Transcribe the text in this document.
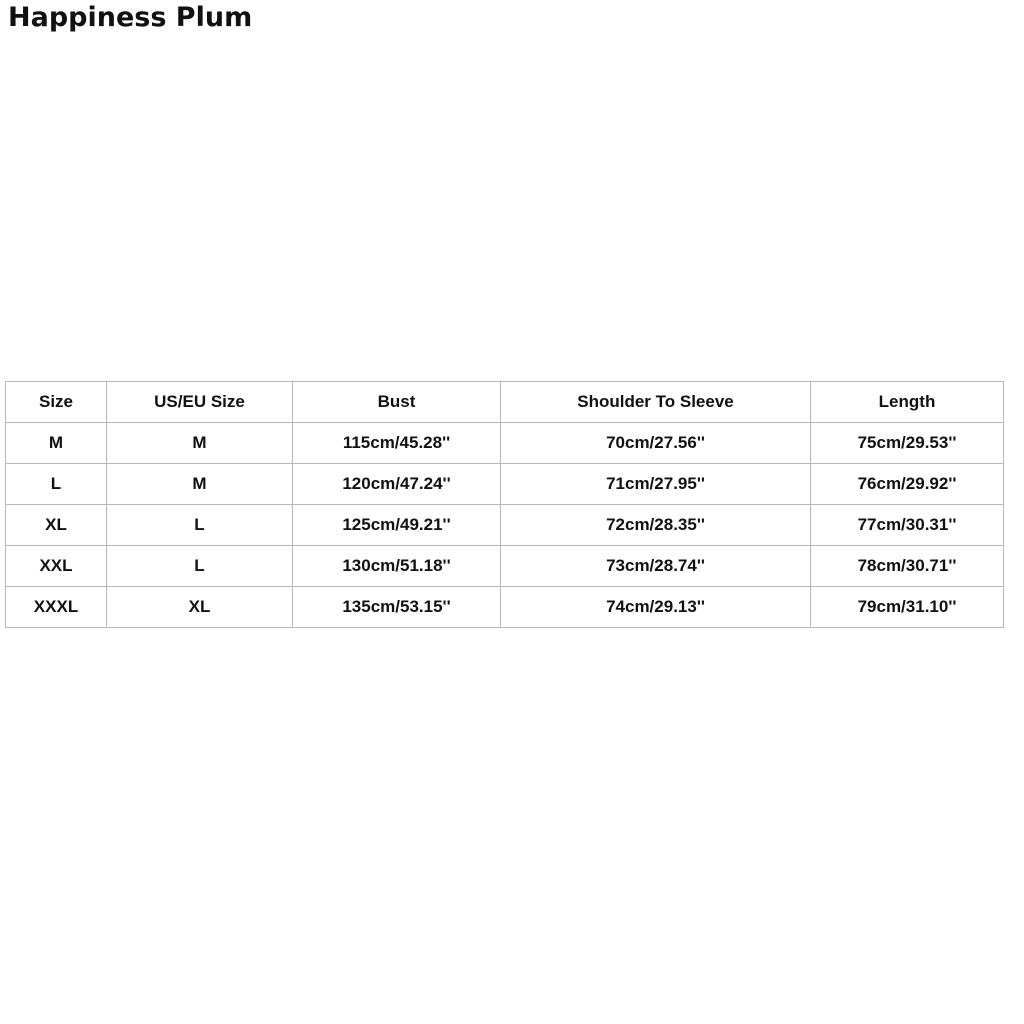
Happiness Plum
Size	US/EU Size	Bust	Shoulder To Sleeve	Length
M	M	115cm/45.28''	70cm/27.56''	75cm/29.53''
L	M	120cm/47.24''	71cm/27.95''	76cm/29.92''
XL	L	125cm/49.21''	72cm/28.35''	77cm/30.31''
XXL	L	130cm/51.18''	73cm/28.74''	78cm/30.71''
XXXL	XL	135cm/53.15''	74cm/29.13''	79cm/31.10''
